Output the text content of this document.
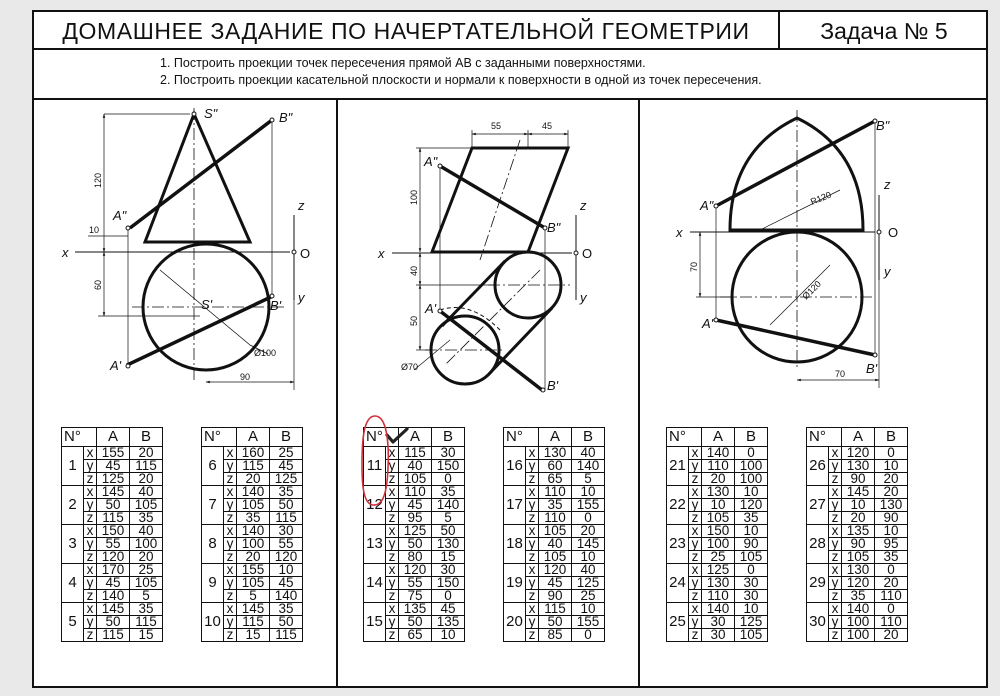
ДОМАШНЕЕ ЗАДАНИЕ ПО НАЧЕРТАТЕЛЬНОЙ ГЕОМЕТРИИ	Задача № 5
1. Построить проекции точек пересечения прямой АВ с заданными поверхностями.
2. Построить проекции касательной плоскости и нормали к поверхности в одной из точек пересечения.
S"	B"
A"
x	O
z
y
B'
S'
A'
120
10
60
Ø100
90
55	45
A"
B"
z
x	O
y
A'
B'
100
40
50
Ø70
B"
A"
x	O
z
y
A'
B'
R120
70
Ø120
70
N°		A	B
1	x	155	20
	y	45	115
	z	125	20
2	x	145	40
	y	50	105
	z	115	35
3	x	150	40
	y	55	100
	z	120	20
4	x	170	25
	y	45	105
	z	140	5
5	x	145	35
	y	50	115
	z	115	15
N°		A	B
6	x	160	25
	y	115	45
	z	20	125
7	x	140	35
	y	105	50
	z	35	115
8	x	140	30
	y	100	55
	z	20	120
9	x	155	10
	y	105	45
	z	5	140
10	x	145	35
	y	115	50
	z	15	115
N°		A	B
11	x	115	30
	y	40	150
	z	105	0
12	x	110	35
	y	45	140
	z	95	5
13	x	125	50
	y	50	130
	z	80	15
14	x	120	30
	y	55	150
	z	75	0
15	x	135	45
	y	50	135
	z	65	10
N°		A	B
16	x	130	40
	y	60	140
	z	65	5
17	x	110	10
	y	35	155
	z	110	0
18	x	105	20
	y	40	145
	z	105	10
19	x	120	40
	y	45	125
	z	90	25
20	x	115	10
	y	50	155
	z	85	0
N°		A	B
21	x	140	0
	y	110	100
	z	20	100
22	x	130	10
	y	10	120
	z	105	35
23	x	150	10
	y	100	90
	z	25	105
24	x	125	0
	y	130	30
	z	110	30
25	x	140	10
	y	30	125
	z	30	105
N°		A	B
26	x	120	0
	y	130	10
	z	90	20
27	x	145	20
	y	10	130
	z	20	90
28	x	135	10
	y	90	95
	z	105	35
29	x	130	0
	y	120	20
	z	35	110
30	x	140	0
	y	100	110
	z	100	20
